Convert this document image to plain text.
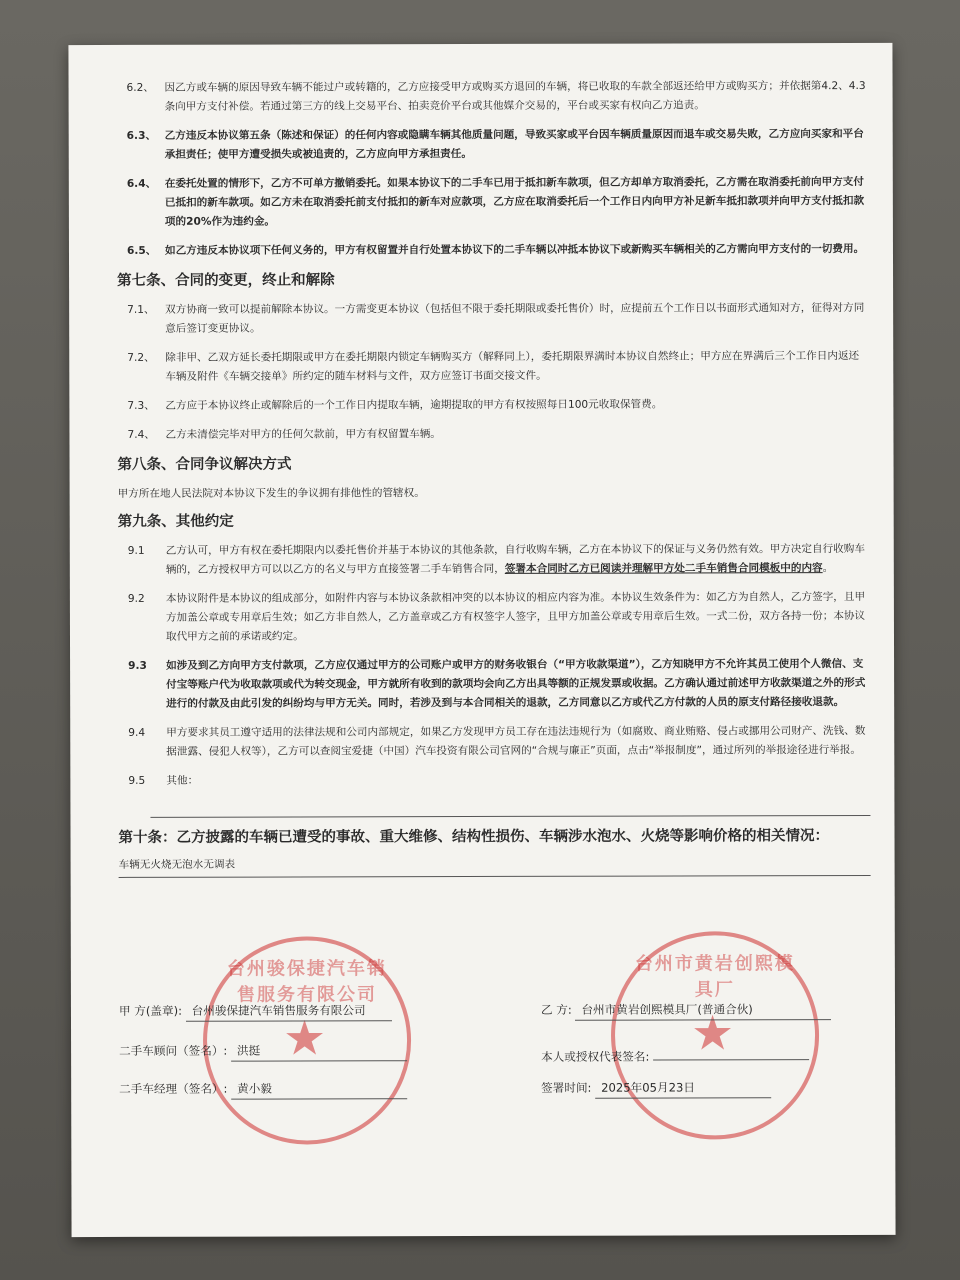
6.2、 因乙方或车辆的原因导致车辆不能过户或转籍的，乙方应接受甲方或购买方退回的车辆，将已收取的车款全部返还给甲方或购买方；并依据第4.2、4.3条向甲方支付补偿。若通过第三方的线上交易平台、拍卖竞价平台或其他媒介交易的，平台或买家有权向乙方追责。
6.3、 乙方违反本协议第五条（陈述和保证）的任何内容或隐瞒车辆其他质量问题，导致买家或平台因车辆质量原因而退车或交易失败，乙方应向买家和平台承担责任；使甲方遭受损失或被追责的，乙方应向甲方承担责任。
6.4、 在委托处置的情形下，乙方不可单方撤销委托。如果本协议下的二手车已用于抵扣新车款项，但乙方却单方取消委托，乙方需在取消委托前向甲方支付已抵扣的新车款项。如乙方未在取消委托前支付抵扣的新车对应款项，乙方应在取消委托后一个工作日内向甲方补足新车抵扣款项并向甲方支付抵扣款项的20%作为违约金。
6.5、 如乙方违反本协议项下任何义务的，甲方有权留置并自行处置本协议下的二手车辆以冲抵本协议下或新购买车辆相关的乙方需向甲方支付的一切费用。
第七条、合同的变更，终止和解除
7.1、 双方协商一致可以提前解除本协议。一方需变更本协议（包括但不限于委托期限或委托售价）时，应提前五个工作日以书面形式通知对方，征得对方同意后签订变更协议。
7.2、 除非甲、乙双方延长委托期限或甲方在委托期限内锁定车辆购买方（解释同上），委托期限界满时本协议自然终止；甲方应在界满后三个工作日内返还车辆及附件《车辆交接单》所约定的随车材料与文件，双方应签订书面交接文件。
7.3、 乙方应于本协议终止或解除后的一个工作日内提取车辆，逾期提取的甲方有权按照每日100元收取保管费。
7.4、 乙方未清偿完毕对甲方的任何欠款前，甲方有权留置车辆。
第八条、合同争议解决方式
甲方所在地人民法院对本协议下发生的争议拥有排他性的管辖权。
第九条、其他约定
9.1	乙方认可，甲方有权在委托期限内以委托售价并基于本协议的其他条款，自行收购车辆，乙方在本协议下的保证与义务仍然有效。甲方决定自行收购车辆的，乙方授权甲方可以以乙方的名义与甲方直接签署二手车销售合同，签署本合同时乙方已阅读并理解甲方处二手车销售合同模板中的内容。
9.2	本协议附件是本协议的组成部分，如附件内容与本协议条款相冲突的以本协议的相应内容为准。本协议生效条件为：如乙方为自然人，乙方签字，且甲方加盖公章或专用章后生效；如乙方非自然人，乙方盖章或乙方有权签字人签字，且甲方加盖公章或专用章后生效。一式二份，双方各持一份；本协议取代甲方之前的承诺或约定。
9.3	如涉及到乙方向甲方支付款项，乙方应仅通过甲方的公司账户或甲方的财务收银台（“甲方收款渠道”），乙方知晓甲方不允许其员工使用个人微信、支付宝等账户代为收取款项或代为转交现金，甲方就所有收到的款项均会向乙方出具等额的正规发票或收据。乙方确认通过前述甲方收款渠道之外的形式进行的付款及由此引发的纠纷均与甲方无关。同时，若涉及到与本合同相关的退款，乙方同意以乙方或代乙方付款的人员的原支付路径接收退款。
9.4	甲方要求其员工遵守适用的法律法规和公司内部规定，如果乙方发现甲方员工存在违法违规行为（如腐败、商业贿赂、侵占或挪用公司财产、洗钱、数据泄露、侵犯人权等），乙方可以查阅宝爱捷（中国）汽车投资有限公司官网的“合规与廉正”页面，点击“举报制度”，通过所列的举报途径进行举报。
9.5	其他：
第十条：乙方披露的车辆已遭受的事故、重大维修、结构性损伤、车辆涉水泡水、火烧等影响价格的相关情况：
车辆无火烧无泡水无调表
台州骏保捷汽车销售服务有限公司
★
台州市黄岩创熙模具厂
★
甲 方(盖章): 台州骏保捷汽车销售服务有限公司
二手车顾问（签名）: 洪挺
二手车经理（签名）: 黄小毅
乙 方: 台州市黄岩创熙模具厂(普通合伙)
本人或授权代表签名:
签署时间: 2025年05月23日
